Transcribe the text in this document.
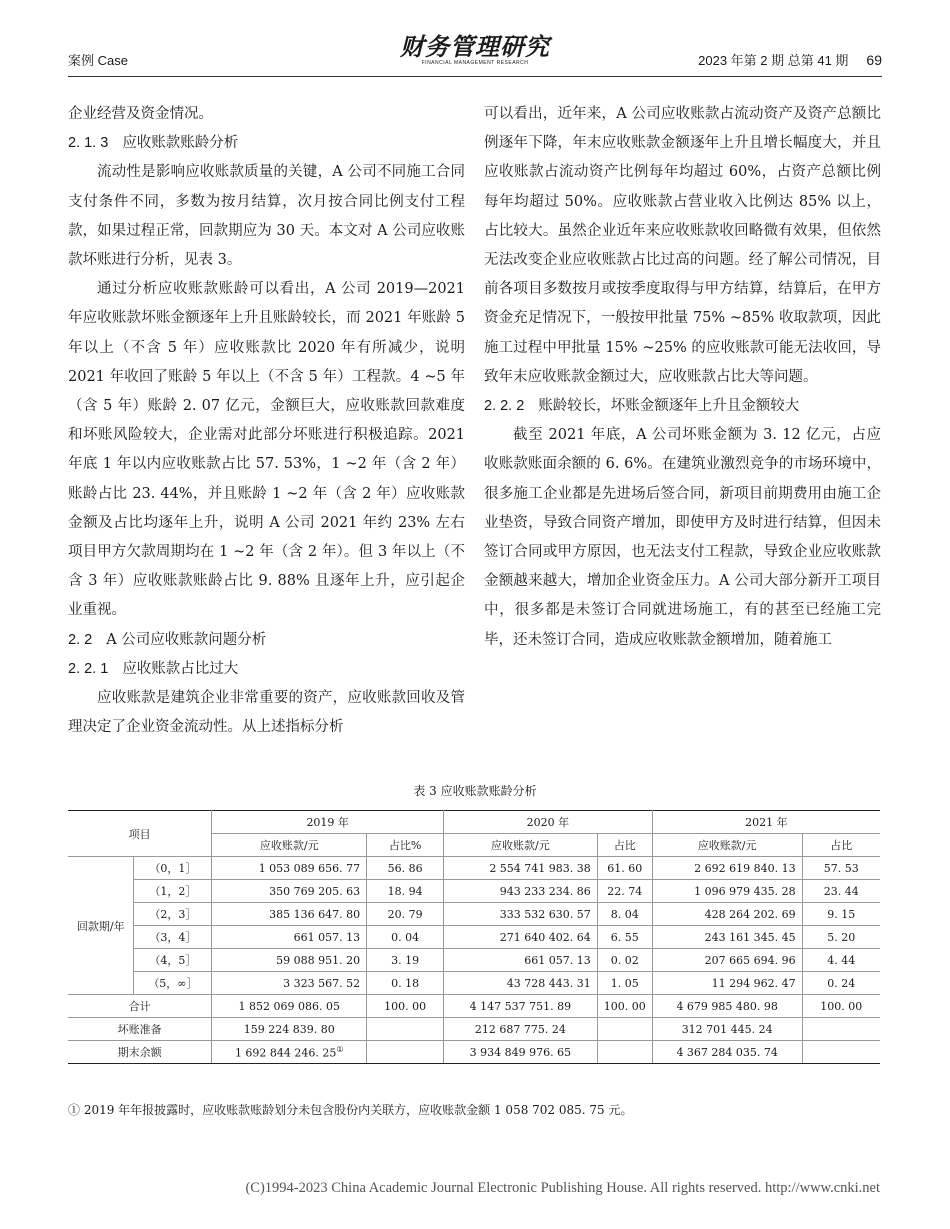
案例 Case	财务管理研究
FINANCIAL MANAGEMENT RESEARCH	2023 年第 2 期 总第 41 期 69

企业经营及资金情况。

2. 1. 3 应收账款账龄分析

流动性是影响应收账款质量的关键，A 公司不同施工合同支付条件不同，多数为按月结算，次月按合同比例支付工程款，如果过程正常，回款期应为 30 天。本文对 A 公司应收账款坏账进行分析，见表 3。

通过分析应收账款账龄可以看出，A 公司 2019—2021 年应收账款坏账金额逐年上升且账龄较长，而 2021 年账龄 5 年以上（不含 5 年）应收账款比 2020 年有所减少，说明 2021 年收回了账龄 5 年以上（不含 5 年）工程款。4 ~5 年（含 5 年）账龄 2. 07 亿元，金额巨大，应收账款回款难度和坏账风险较大，企业需对此部分坏账进行积极追踪。2021 年底 1 年以内应收账款占比 57. 53%，1 ~2 年（含 2 年）账龄占比 23. 44%，并且账龄 1 ~2 年（含 2 年）应收账款金额及占比均逐年上升，说明 A 公司 2021 年约 23% 左右项目甲方欠款周期均在 1 ~2 年（含 2 年）。但 3 年以上（不含 3 年）应收账款账龄占比 9. 88% 且逐年上升，应引起企业重视。

2. 2 A 公司应收账款问题分析
2. 2. 1 应收账款占比过大

应收账款是建筑企业非常重要的资产，应收账款回收及管理决定了企业资金流动性。从上述指标分析

可以看出，近年来，A 公司应收账款占流动资产及资产总额比例逐年下降，年末应收账款金额逐年上升且增长幅度大，并且应收账款占流动资产比例每年均超过 60%，占资产总额比例每年均超过 50%。应收账款占营业收入比例达 85% 以上，占比较大。虽然企业近年来应收账款收回略微有效果，但依然无法改变企业应收账款占比过高的问题。经了解公司情况，目前各项目多数按月或按季度取得与甲方结算，结算后，在甲方资金充足情况下，一般按甲批量 75% ~85% 收取款项，因此施工过程中甲批量 15% ~25% 的应收账款可能无法收回，导致年末应收账款金额过大，应收账款占比大等问题。

2. 2. 2 账龄较长，坏账金额逐年上升且金额较大

截至 2021 年底，A 公司坏账金额为 3. 12 亿元，占应收账款账面余额的 6. 6%。在建筑业激烈竞争的市场环境中，很多施工企业都是先进场后签合同，新项目前期费用由施工企业垫资，导致合同资产增加，即使甲方及时进行结算，但因未签订合同或甲方原因，也无法支付工程款，导致企业应收账款金额越来越大，增加企业资金压力。A 公司大部分新开工项目中，很多都是未签订合同就进场施工，有的甚至已经施工完毕，还未签订合同，造成应收账款金额增加，随着施工

表 3 应收账款账龄分析
项目		2019 年		2020 年		2021 年	
		应收账款/元	占比%	应收账款/元	占比	应收账款/元	占比
回款期/年	（0，1］	1 053 089 656. 77	56. 86	2 554 741 983. 38	61. 60	2 692 619 840. 13	57. 53
	（1，2］	350 769 205. 63	18. 94	943 233 234. 86	22. 74	1 096 979 435. 28	23. 44
	（2，3］	385 136 647. 80	20. 79	333 532 630. 57	8. 04	428 264 202. 69	9. 15
	（3，4］	661 057. 13	0. 04	271 640 402. 64	6. 55	243 161 345. 45	5. 20
	（4，5］	59 088 951. 20	3. 19	661 057. 13	0. 02	207 665 694. 96	4. 44
	（5，∞］	3 323 567. 52	0. 18	43 728 443. 31	1. 05	11 294 962. 47	0. 24
合计		1 852 069 086. 05	100. 00	4 147 537 751. 89	100. 00	4 679 985 480. 98	100. 00
坏账准备		159 224 839. 80		212 687 775. 24		312 701 445. 24	
期末余额		1 692 844 246. 25①		3 934 849 976. 65		4 367 284 035. 74	
① 2019 年年报披露时，应收账款账龄划分未包含股份内关联方，应收账款金额 1 058 702 085. 75 元。
(C)1994-2023 China Academic Journal Electronic Publishing House. All rights reserved. http://www.cnki.net
